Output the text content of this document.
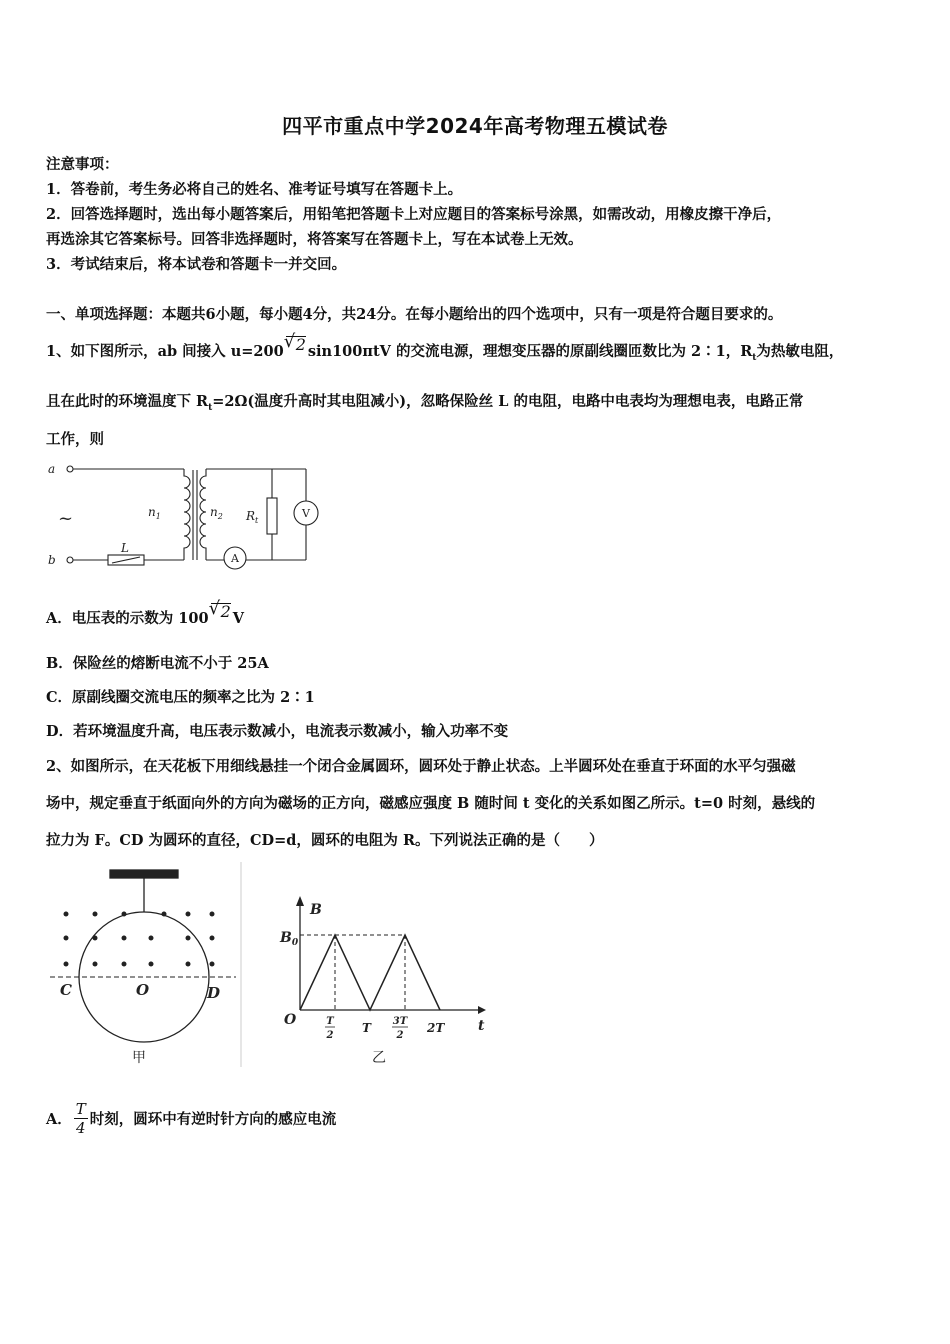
四平市重点中学2024年高考物理五模试卷
注意事项：
1．答卷前，考生务必将自己的姓名、准考证号填写在答题卡上。
2．回答选择题时，选出每小题答案后，用铅笔把答题卡上对应题目的答案标号涂黑，如需改动，用橡皮擦干净后，
再选涂其它答案标号。回答非选择题时，将答案写在答题卡上，写在本试卷上无效。
3．考试结束后，将本试卷和答题卡一并交回。
一、单项选择题：本题共6小题，每小题4分，共24分。在每小题给出的四个选项中，只有一项是符合题目要求的。
1、如下图所示，ab 间接入 u=200 √ 2 sin100πtV 的交流电源，理想变压器的原副线圈匝数比为 2∶1，$R_t$为热敏电阻，
且在此时的环境温度下 $R_t=2\Omega$(温度升高时其电阻减小)，忽略保险丝 L 的电阻，电路中电表均为理想电表，电路正常
工作，则
a
b
~	$n_1$	$n_2$ $R_t$
V
A
L
A．电压表的示数为 100 √ 2 V
B．保险丝的熔断电流不小于 25A
C．原副线圈交流电压的频率之比为 2∶1
D．若环境温度升高，电压表示数减小，电流表示数减小，输入功率不变
2、如图所示，在天花板下用细线悬挂一个闭合金属圆环，圆环处于静止状态。上半圆环处在垂直于环面的水平匀强磁
场中，规定垂直于纸面向外的方向为磁场的正方向，磁感应强度 B 随时间 t 变化的关系如图乙所示。t=0 时刻，悬线的
拉力为 F。CD 为圆环的直径，CD=d，圆环的电阻为 R。下列说法正确的是（　　）
C	O	D
甲
B
$B_0$
O	t
T	2T
T
2
3T
2
乙
A． $\frac{T}{4}$ 时刻，圆环中有逆时针方向的感应电流
